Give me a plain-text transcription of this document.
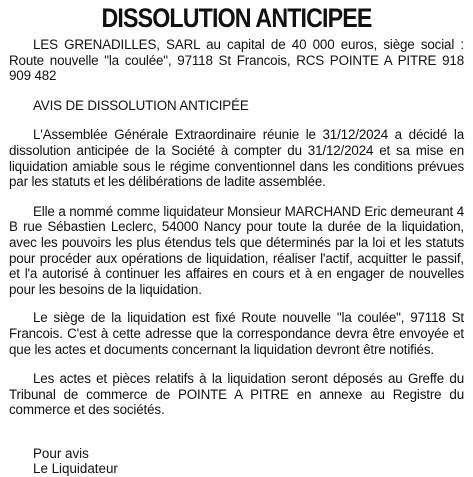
DISSOLUTION ANTICIPEE

LES GRENADILLES, SARL au capital de 40 000 euros, siège social : Route nouvelle "la coulée", 97118 St Francois, RCS POINTE A PITRE 918 909 482

AVIS DE DISSOLUTION ANTICIPÉE

L'Assemblée Générale Extraordinaire réunie le 31/12/2024 a décidé la dissolution anticipée de la Société à compter du 31/12/2024 et sa mise en liquidation amiable sous le régime conventionnel dans les conditions prévues par les statuts et les délibérations de ladite assemblée.

Elle a nommé comme liquidateur Monsieur MARCHAND Eric demeurant 4 B rue Sébastien Leclerc, 54000 Nancy pour toute la durée de la liquidation, avec les pouvoirs les plus étendus tels que déterminés par la loi et les statuts pour procéder aux opérations de liquidation, réaliser l'actif, acquitter le passif, et l'a autorisé à continuer les affaires en cours et à en engager de nouvelles pour les besoins de la liquidation.

Le siège de la liquidation est fixé Route nouvelle "la coulée", 97118 St Francois. C'est à cette adresse que la correspondance devra être envoyée et que les actes et documents concernant la liquidation devront être notifiés.

Les actes et pièces relatifs à la liquidation seront déposés au Greffe du Tribunal de commerce de POINTE A PITRE en annexe au Registre du commerce et des sociétés.

Pour avis
Le Liquidateur
